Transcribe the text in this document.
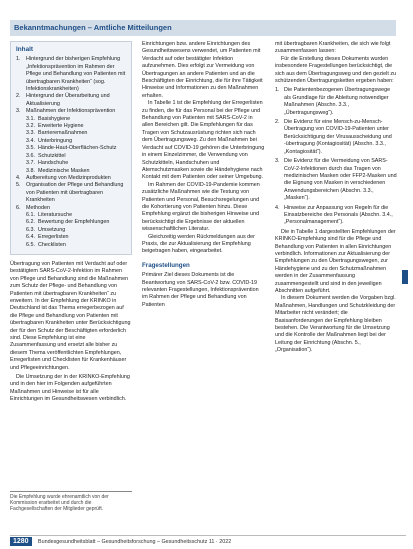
Bekanntmachungen – Amtliche Mitteilungen
Inhalt
1. Hintergrund der bisherigen Empfehlung „Infektionsprävention im Rahmen der Pflege und Behandlung von Patienten mit übertragbaren Krankheiten“ (sog. Infektionskrankheiten)
2. Hintergrund der Überarbeitung und Aktualisierung
3. Maßnahmen der Infektionsprävention
3.1. Basishygiene
3.2. Erweiterte Hygiene
3.3. Barrieremaßnahmen
3.4. Unterbringung
3.5. Hände-Haut-Oberflächen-Schutz
3.6. Schutzkittel
3.7. Handschuhe
3.8. Medizinische Masken
4. Aufbereitung von Medizinprodukten
5. Organisation der Pflege und Behandlung von Patienten mit übertragbaren Krankheiten
6. Methoden
6.1. Literatursuche
6.2. Bewertung der Empfehlungen
6.3. Umsetzung
6.4. Erregerlisten
6.5. Checklisten

Übertragung von Patienten mit Verdacht auf oder bestätigtem SARS-CoV-2-Infektion im Rahmen von Pflege und Behandlung sind die Maßnahmen zum Schutz der Pflege- und Behandlung von Patienten mit übertragbaren Krankheiten“ zu erweitern. In der Empfehlung der KRINKO in Deutschland ist das Thema erregerbezogen auf die Pflege und Behandlung von Patienten mit übertragbaren Krankheiten unter Berücksichtigung der für den Schutz der Beschäftigten erforderlich sind. Diese Empfehlung ist eine Zusammenfassung und ersetzt alle bisher zu diesem Thema veröffentlichten Empfehlungen, Erregerlisten und Checklisten für Krankenhäuser und Pflegeeinrichtungen.

Die Umsetzung der in der KRINKO-Empfehlung und in den hier im Folgenden aufgeführten Maßnahmen und Hinweise ist für alle Einrichtungen im Gesundheitswesen verbindlich.

Die Empfehlung wurde ehrenamtlich von der Kommission erarbeitet und durch die Fachgesellschaften der Mitglieder geprüft.

Einrichtungen bzw. andere Einrichtungen des Gesundheitswesens verwendet, um Patienten mit Verdacht auf oder bestätigter Infektion aufzunehmen. Dies erfolgt zur Vermeidung von Übertragungen an andere Patienten und an die Beschäftigten der Einrichtung, die für ihre Tätigkeit Hinweise und Informationen zu den Maßnahmen erhalten.

In Tabelle 1 ist die Empfehlung der Erregerlisten zu finden, die für das Personal bei der Pflege und Behandlung von Patienten mit SARS-CoV-2 in allen Bereichen gilt. Die Empfehlungen für das Tragen von Schutzausrüstung richten sich nach dem Übertragungsweg. Zu den Maßnahmen bei Verdacht auf COVID-19 gehören die Unterbringung in einem Einzelzimmer, die Verwendung von Schutzkitteln, Handschuhen und Atemschutzmasken sowie die Händehygiene nach Kontakt mit dem Patienten oder seiner Umgebung.

Im Rahmen der COVID-19-Pandemie kommen zusätzliche Maßnahmen wie die Testung von Patienten und Personal, Besuchsregelungen und die Kohortierung von Patienten hinzu. Diese Empfehlung ergänzt die bisherigen Hinweise und berücksichtigt die Ergebnisse der aktuellen wissenschaftlichen Literatur.

Gleichzeitig werden Rückmeldungen aus der Praxis, die zur Aktualisierung der Empfehlung beigetragen haben, eingearbeitet.

Fragestellungen

Primärer Ziel dieses Dokuments ist die Beantwortung von SARS-CoV-2 bzw. COVID-19 relevanten Fragestellungen, Infektionsprävention im Rahmen der Pflege und Behandlung von Patienten

mit übertragbaren Krankheiten, die sich wie folgt zusammenfassen lassen:

Für die Erstellung dieses Dokuments wurden insbesondere Fragestellungen berücksichtigt, die sich aus dem Übertragungsweg und den gezielt zu schützenden Übertragungsketten ergeben haben:

1. Die Patientenbezogenen Übertragungswege als Grundlage für die Ableitung notwendiger Maßnahmen (Abschn. 3.3., „Übertragungsweg“).
2. Die Evidenz für eine Mensch-zu-Mensch-Übertragung von COVID-19-Patienten unter Berücksichtigung der Virusausscheidung und -übertragung (Kontagiosität) (Abschn. 3.3., „Kontagiosität“).
3. Die Evidenz für die Vermeidung von SARS-CoV-2-Infektionen durch das Tragen von medizinischen Masken oder FFP2-Masken und die Eignung von Masken in verschiedenen Anwendungsbereichen (Abschn. 3.3., „Masken“).
4. Hinweise zur Anpassung von Regeln für die Einsatzbereiche des Personals (Abschn. 3.4., „Personalmanagement“).

Die in Tabelle 1 dargestellten Empfehlungen der KRINKO-Empfehlung sind für die Pflege und Behandlung von Patienten in allen Einrichtungen verbindlich. Informationen zur Aktualisierung der Empfehlungen zu den Übertragungswegen, zur Händehygiene und zu den Schutzmaßnahmen werden in der Zusammenfassung zusammengestellt und sind in den jeweiligen Abschnitten aufgeführt.

In diesem Dokument werden die Vorgaben bzgl. Maßnahmen, Handlungen und Schutzkleidung der Mitarbeiter nicht verändert; die Basisanforderungen der Empfehlung bleiben bestehen. Die Verantwortung für die Umsetzung und die Kontrolle der Maßnahmen liegt bei der Leitung der Einrichtung (Abschn. 5., „Organisation“).

1280	Bundesgesundheitsblatt – Gesundheitsforschung – Gesundheitsschutz 11 · 2022
